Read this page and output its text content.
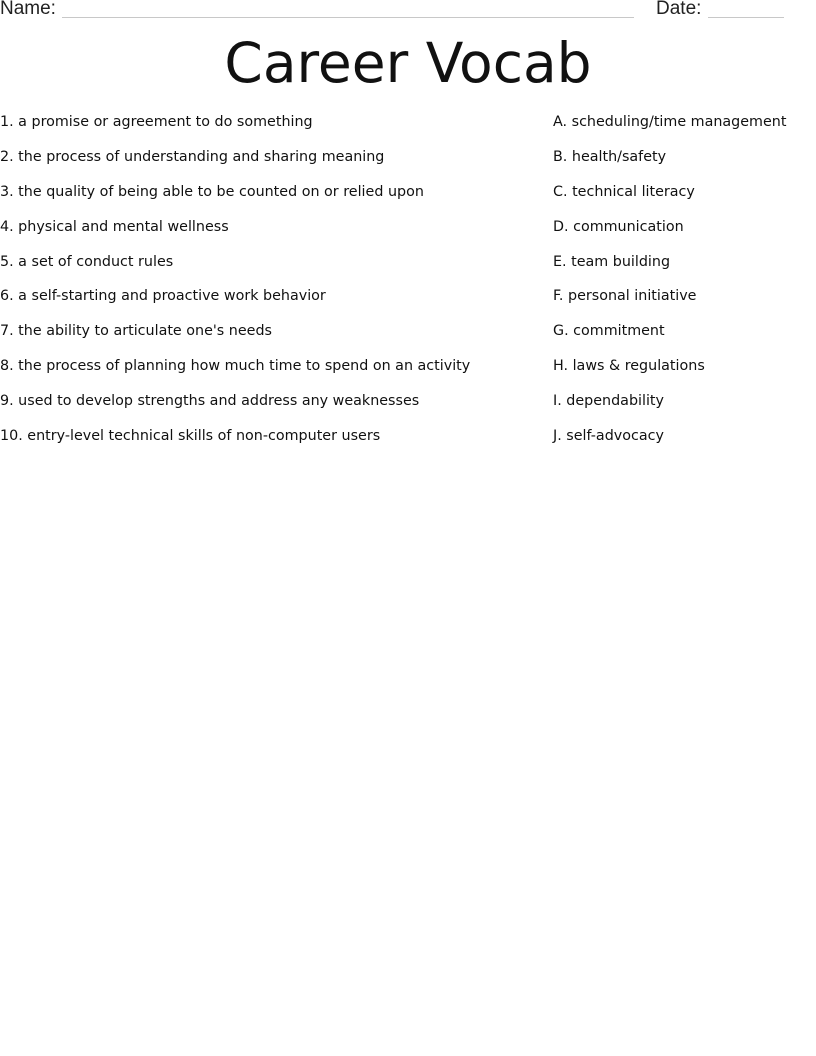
Name:	Date:
Career Vocab
1. a promise or agreement to do something
2. the process of understanding and sharing meaning
3. the quality of being able to be counted on or relied upon
4. physical and mental wellness
5. a set of conduct rules
6. a self-starting and proactive work behavior
7. the ability to articulate one's needs
8. the process of planning how much time to spend on an activity
9. used to develop strengths and address any weaknesses
10. entry-level technical skills of non-computer users
A. scheduling/time management
B. health/safety
C. technical literacy
D. communication
E. team building
F. personal initiative
G. commitment
H. laws & regulations
I. dependability
J. self-advocacy
